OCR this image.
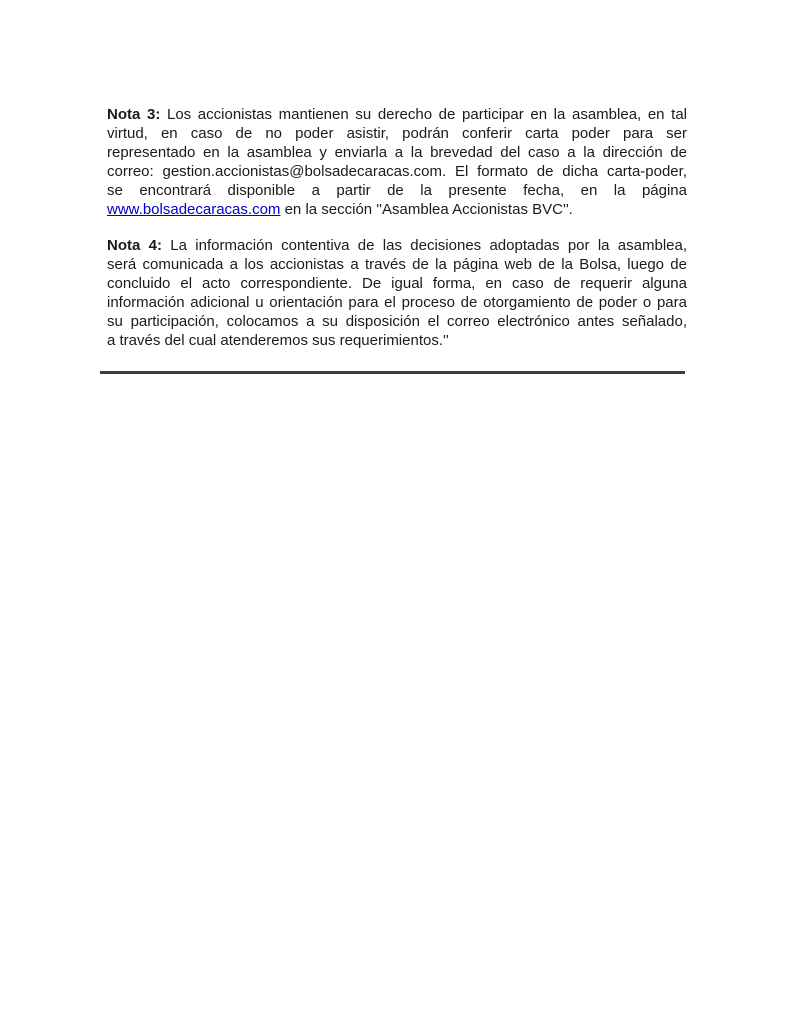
Nota 3: Los accionistas mantienen su derecho de participar en la asamblea, en tal
virtud, en caso de no poder asistir, podrán conferir carta poder para ser
representado en la asamblea y enviarla a la brevedad del caso a la dirección de
correo: gestion.accionistas@bolsadecaracas.com. El formato de dicha carta-poder,
se encontrará disponible a partir de la presente fecha, en la página
www.bolsadecaracas.com en la sección ''Asamblea Accionistas BVC''.
Nota 4: La información contentiva de las decisiones adoptadas por la asamblea,
será comunicada a los accionistas a través de la página web de la Bolsa, luego de
concluido el acto correspondiente. De igual forma, en caso de requerir alguna
información adicional u orientación para el proceso de otorgamiento de poder o para
su participación, colocamos a su disposición el correo electrónico antes señalado,
a través del cual atenderemos sus requerimientos.''
